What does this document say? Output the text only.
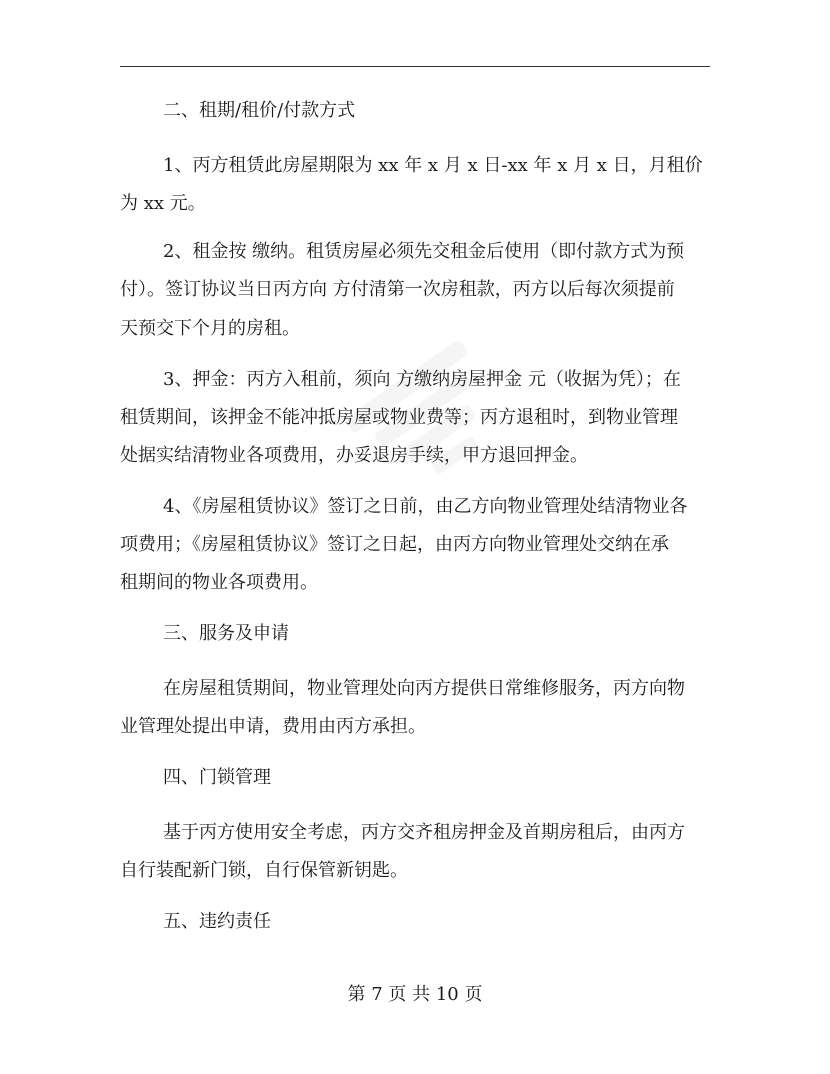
二、租期/租价/付款方式
1、丙方租赁此房屋期限为 xx 年 x 月 x 日-xx 年 x 月 x 日，月租价
为 xx 元。
2、租金按 缴纳。租赁房屋必须先交租金后使用（即付款方式为预
付）。签订协议当日丙方向 方付清第一次房租款，丙方以后每次须提前
天预交下个月的房租。
3、押金：丙方入租前，须向 方缴纳房屋押金 元（收据为凭）；在
租赁期间，该押金不能冲抵房屋或物业费等；丙方退租时，到物业管理
处据实结清物业各项费用，办妥退房手续，甲方退回押金。
4、《房屋租赁协议》签订之日前，由乙方向物业管理处结清物业各
项费用；《房屋租赁协议》签订之日起，由丙方向物业管理处交纳在承
租期间的物业各项费用。
三、服务及申请
在房屋租赁期间，物业管理处向丙方提供日常维修服务，丙方向物
业管理处提出申请，费用由丙方承担。
四、门锁管理
基于丙方使用安全考虑，丙方交齐租房押金及首期房租后，由丙方
自行装配新门锁，自行保管新钥匙。
五、违约责任
第 7 页 共 10 页
